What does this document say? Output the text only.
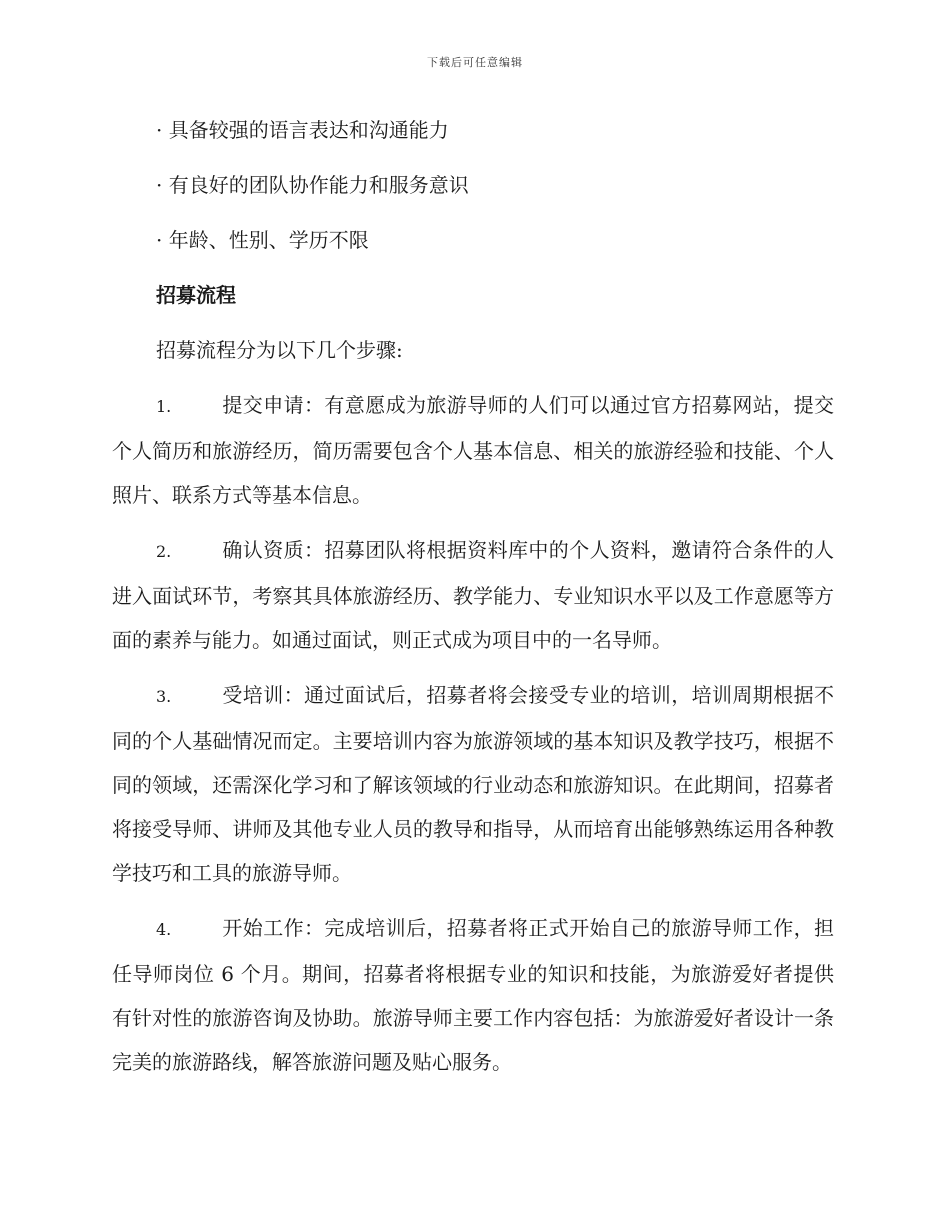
下载后可任意编辑

· 具备较强的语言表达和沟通能力

· 有良好的团队协作能力和服务意识

· 年龄、性别、学历不限

招募流程

招募流程分为以下几个步骤:

1.	提交申请：有意愿成为旅游导师的人们可以通过官方招募网站，提交个人简历和旅游经历，简历需要包含个人基本信息、相关的旅游经验和技能、个人照片、联系方式等基本信息。

2.	确认资质：招募团队将根据资料库中的个人资料，邀请符合条件的人进入面试环节，考察其具体旅游经历、教学能力、专业知识水平以及工作意愿等方面的素养与能力。如通过面试，则正式成为项目中的一名导师。

3.	受培训：通过面试后，招募者将会接受专业的培训，培训周期根据不同的个人基础情况而定。主要培训内容为旅游领域的基本知识及教学技巧，根据不同的领域，还需深化学习和了解该领域的行业动态和旅游知识。在此期间，招募者将接受导师、讲师及其他专业人员的教导和指导，从而培育出能够熟练运用各种教学技巧和工具的旅游导师。

4.	开始工作：完成培训后，招募者将正式开始自己的旅游导师工作，担任导师岗位 6 个月。期间，招募者将根据专业的知识和技能，为旅游爱好者提供有针对性的旅游咨询及协助。旅游导师主要工作内容包括：为旅游爱好者设计一条完美的旅游路线，解答旅游问题及贴心服务。
